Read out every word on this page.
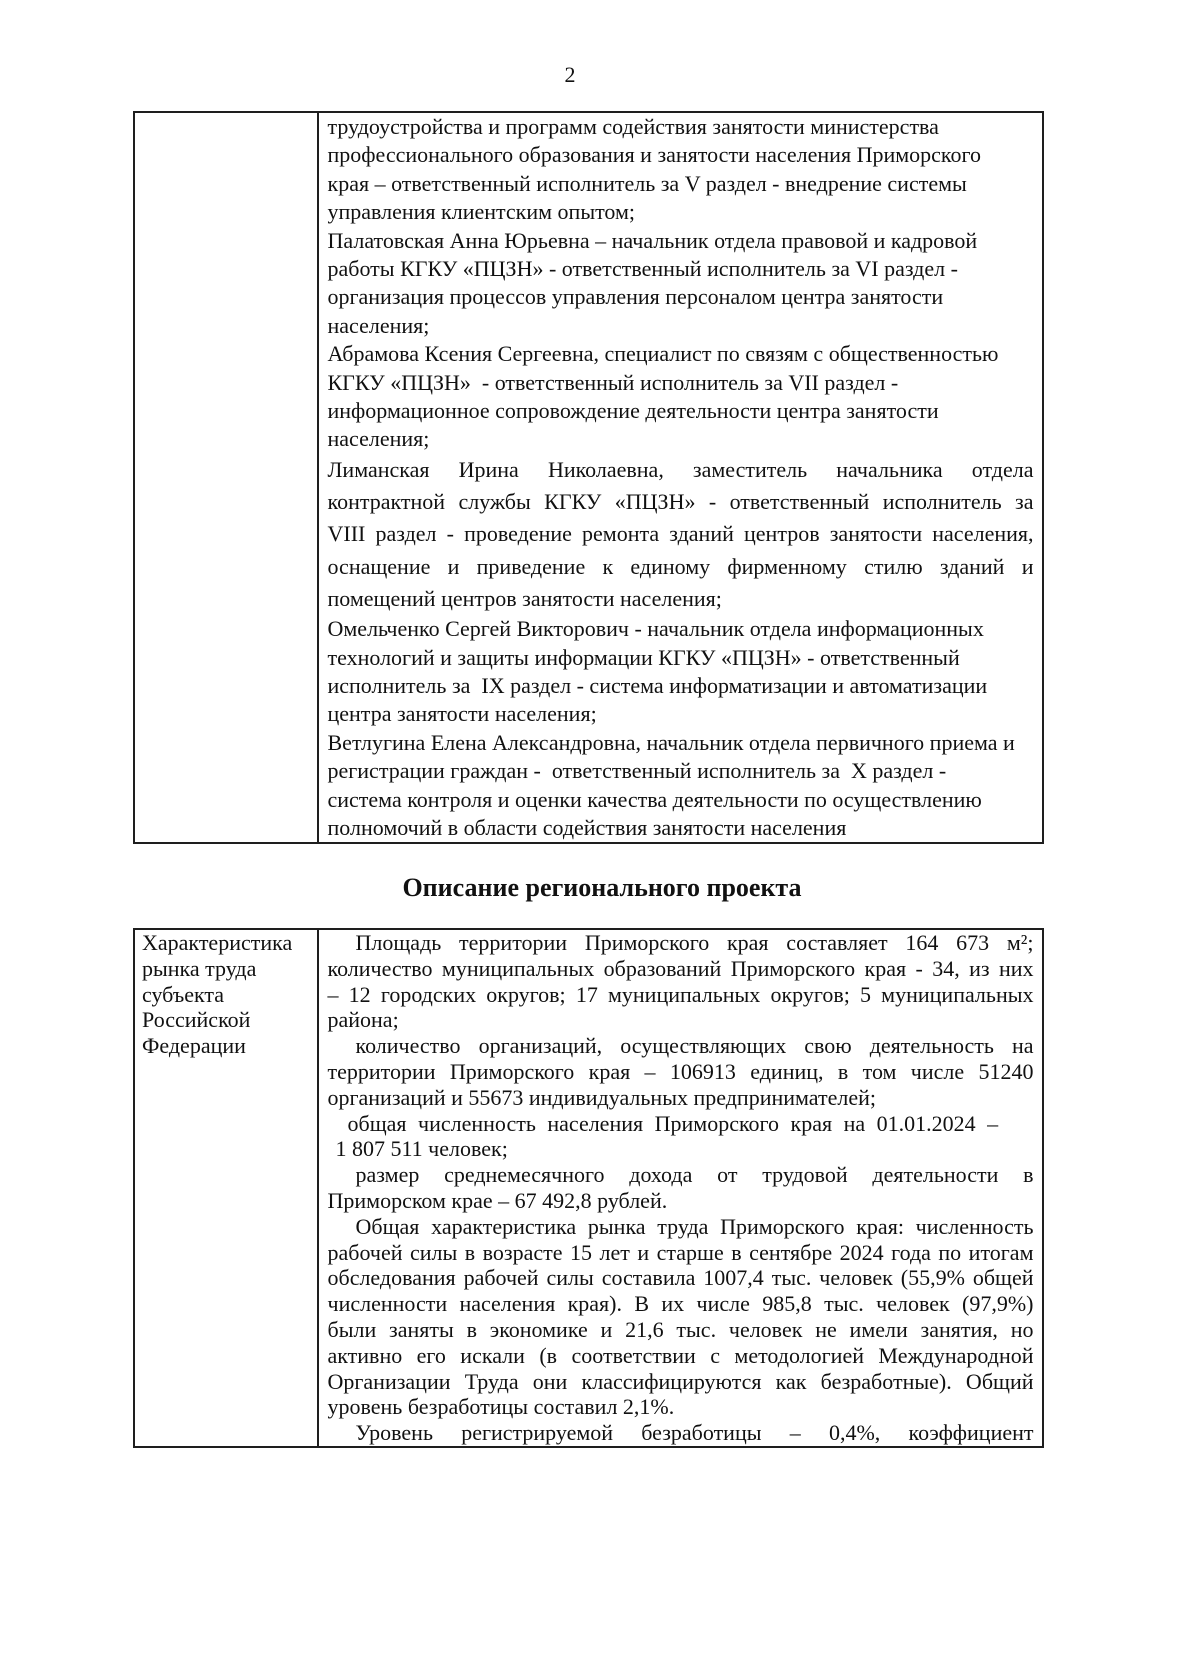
2
трудоустройства и программ содействия занятости министерства
профессионального образования и занятости населения Приморского
края – ответственный исполнитель за V раздел - внедрение системы
управления клиентским опытом;
Палатовская Анна Юрьевна – начальник отдела правовой и кадровой
работы КГКУ «ПЦЗН» - ответственный исполнитель за VI раздел -
организация процессов управления персоналом центра занятости
населения;
Абрамова Ксения Сергеевна, специалист по связям с общественностью
КГКУ «ПЦЗН»  - ответственный исполнитель за VII раздел -
информационное сопровождение деятельности центра занятости
населения;
Лиманская Ирина Николаевна, заместитель начальника отдела
контрактной службы КГКУ «ПЦЗН» - ответственный исполнитель за
VIII раздел - проведение ремонта зданий центров занятости населения,
оснащение и приведение к единому фирменному стилю зданий и
помещений центров занятости населения;
Омельченко Сергей Викторович - начальник отдела информационных
технологий и защиты информации КГКУ «ПЦЗН» - ответственный
исполнитель за  IX раздел - система информатизации и автоматизации
центра занятости населения;
Ветлугина Елена Александровна, начальник отдела первичного приема и
регистрации граждан -  ответственный исполнитель за  X раздел -
система контроля и оценки качества деятельности по осуществлению
полномочий в области содействия занятости населения
Описание регионального проекта
Характеристика
рынка труда
субъекта
Российской
Федерации
Площадь территории Приморского края составляет 164 673 м²;
количество муниципальных образований Приморского края - 34, из них
– 12 городских округов; 17 муниципальных округов; 5 муниципальных
района;
количество организаций, осуществляющих свою деятельность на
территории Приморского края – 106913 единиц, в том числе 51240
организаций и 55673 индивидуальных предпринимателей;
общая численность населения Приморского края на 01.01.2024 –
1 807 511 человек;
размер среднемесячного дохода от трудовой деятельности в
Приморском крае – 67 492,8 рублей.
Общая характеристика рынка труда Приморского края: численность
рабочей силы в возрасте 15 лет и старше в сентябре 2024 года по итогам
обследования рабочей силы составила 1007,4 тыс. человек (55,9% общей
численности населения края). В их числе 985,8 тыс. человек (97,9%)
были заняты в экономике и 21,6 тыс. человек не имели занятия, но
активно его искали (в соответствии с методологией Международной
Организации Труда они классифицируются как безработные). Общий
уровень безработицы составил 2,1%.
Уровень регистрируемой безработицы – 0,4%, коэффициент
